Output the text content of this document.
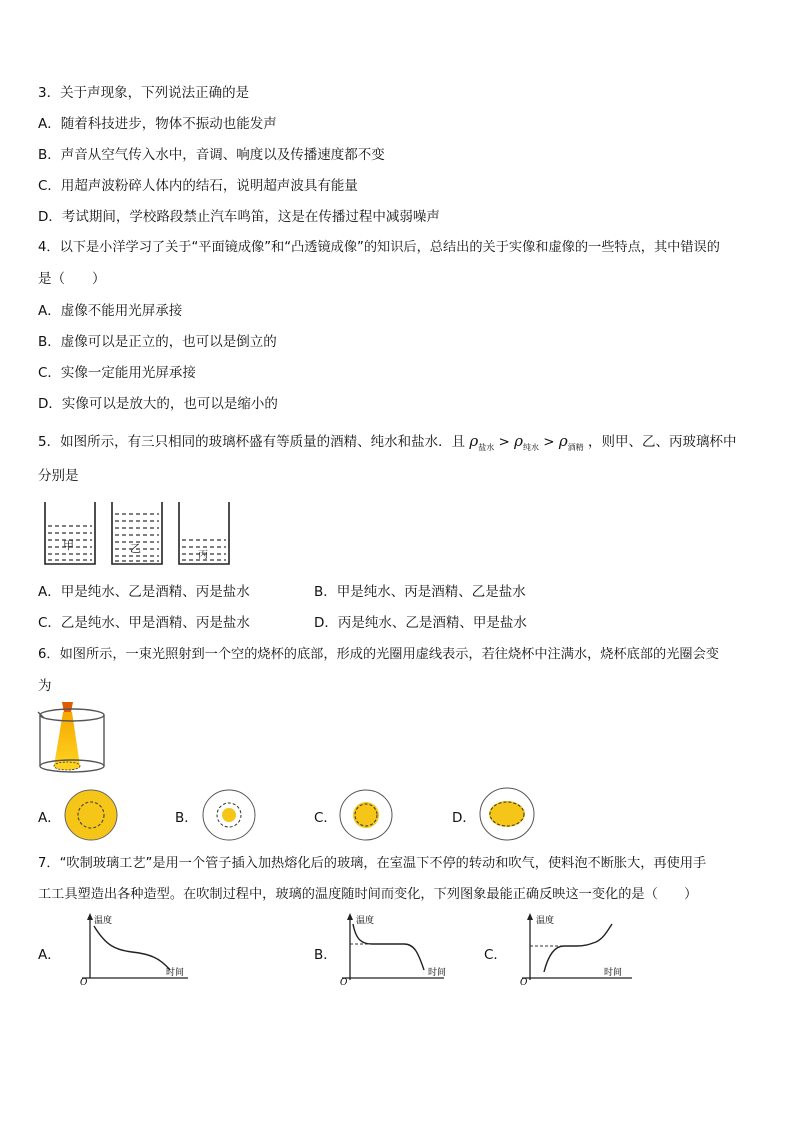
3．关于声现象，下列说法正确的是
A．随着科技进步，物体不振动也能发声
B．声音从空气传入水中，音调、响度以及传播速度都不变
C．用超声波粉碎人体内的结石，说明超声波具有能量
D．考试期间，学校路段禁止汽车鸣笛，这是在传播过程中减弱噪声
4．以下是小洋学习了关于“平面镜成像”和“凸透镜成像”的知识后，总结出的关于实像和虚像的一些特点，其中错误的
是（　　）
A．虚像不能用光屏承接
B．虚像可以是正立的，也可以是倒立的
C．实像一定能用光屏承接
D．实像可以是放大的，也可以是缩小的
5．如图所示，有三只相同的玻璃杯盛有等质量的酒精、纯水和盐水．且 $\rho_{盐水} > \rho_{纯水} > \rho_{酒精}$ ，则甲、乙、丙玻璃杯中
分别是
甲	乙
丙
A．甲是纯水、乙是酒精、丙是盐水	B．甲是纯水、丙是酒精、乙是盐水
C．乙是纯水、甲是酒精、丙是盐水	D．丙是纯水、乙是酒精、甲是盐水
6．如图所示，一束光照射到一个空的烧杯的底部，形成的光圈用虚线表示，若往烧杯中注满水，烧杯底部的光圈会变
为
A．	B．	C．	D．
7．“吹制玻璃工艺”是用一个管子插入加热熔化后的玻璃，在室温下不停的转动和吹气，使料泡不断胀大，再使用手
工工具塑造出各种造型。在吹制过程中，玻璃的温度随时间而变化，下列图象最能正确反映这一变化的是（　　）
A．
温度
时间
O
B．
温度
时间
O
C．
温度
时间
O
